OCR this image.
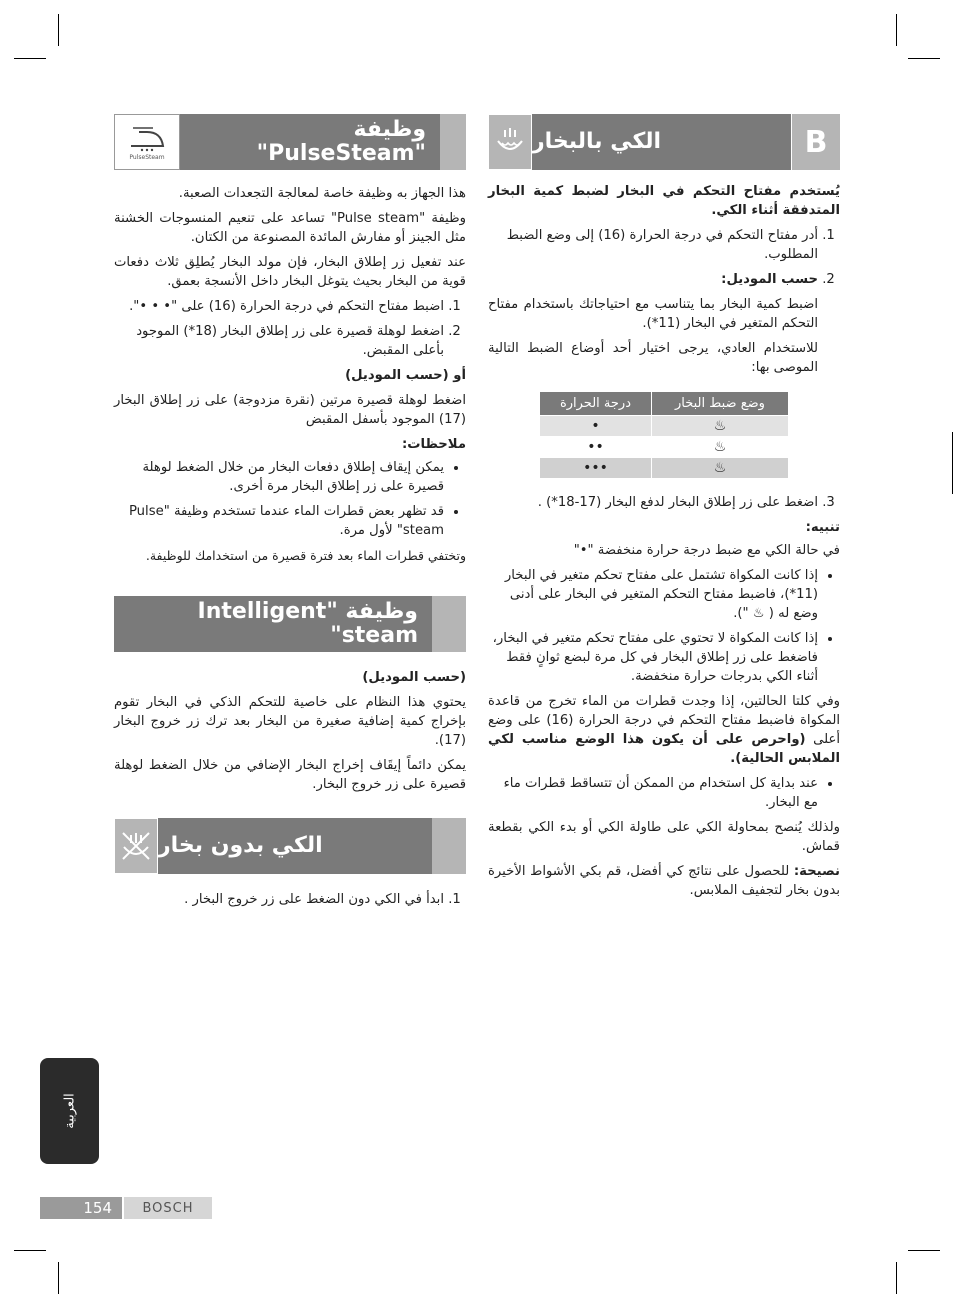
الكي بالبخار	B

يُستخدم مفتاح التحكم في البخار لضبط كمية البخار المتدفقة أثناء الكي.

1. أدر مفتاح التحكم في درجة الحرارة (16) إلى وضع الضبط المطلوب.
2. حسب الموديل:

اضبط كمية البخار بما يتناسب مع احتياجاتك باستخدام مفتاح التحكم المتغير في البخار (11*).

للاستخدام العادي، يرجى اختيار أحد أوضاع الضبط التالية الموصى بها:

وضع ضبط البخار	درجة الحرارة
♨	•
♨	••
♨	•••
3. اضغط على زر إطلاق البخار لدفع البخار (17-18*) .
تنبيه:

في حالة الكي مع ضبط درجة حرارة منخفضة "•"

• إذا كانت المكواة تشتمل على مفتاح تحكم متغير في البخار (11*)، فاضبط مفتاح التحكم المتغير في البخار على أدنى وضع له ( ♨ ").
• إذا كانت المكواة لا تحتوي على مفتاح تحكم متغير في البخار، فاضغط على زر إطلاق البخار في كل مرة لبضع ثوانٍ فقط أثناء الكي بدرجات حرارة منخفضة.

وفي كلتا الحالتين، إذا وجدت قطرات من الماء تخرج من قاعدة المكواة فاضبط مفتاح التحكم في درجة الحرارة (16) على وضع أعلى (واحرص على أن يكون هذا الوضع مناسب لكي الملابس الحالية).

• عند بداية كل استخدام من الممكن أن تتساقط قطرات ماء مع البخار.

ولذلك يُنصح بمحاولة الكي على طاولة الكي أو بدء الكي بقطعة قماش.

نصيحة: للحصول على نتائج كي أفضل، قم بكي الأشواط الأخيرة بدون بخار لتجفيف الملابس.

PulseSteam
وظيفة "PulseSteam"

هذا الجهاز به وظيفة خاصة لمعالجة التجعدات الصعبة.

وظيفة "Pulse steam" تساعد على تنعيم المنسوجات الخشنة مثل الجينز أو مفارش المائدة المصنوعة من الكتان.

عند تفعيل زر إطلاق البخار، فإن مولد البخار يُطلِق ثلاث دفعات قوية من البخار بحيث يتوغل البخار داخل الأنسجة بعمق.

1. اضبط مفتاح التحكم في درجة الحرارة (16) على "• • •".
2. اضغط لوهلة قصيرة على زر إطلاق البخار (18*) الموجود بأعلى المقبض.
أو (حسب الموديل)

اضغط لوهلة قصيرة مرتين (نقرة مزدوجة) على زر إطلاق البخار (17) الموجود بأسفل المقبض

ملاحظات:
• يمكن إيقاف إطلاق دفعات البخار من خلال الضغط لوهلة قصيرة على زر إطلاق البخار مرة أخرى.
• قد تظهر بعض قطرات الماء عندما تستخدم وظيفة "Pulse steam" لأول مرة.

وتختفي قطرات الماء بعد فترة قصيرة من استخدامك للوظيفة.

وظيفة "Intelligent steam"
(حسب الموديل)

يحتوي هذا النظام على خاصية للتحكم الذكي في البخار تقوم بإخراج كمية إضافية صغيرة من البخار بعد ترك زر خروج البخار (17).

يمكن دائماً إيقَاف إخراج البخار الإضافي من خلال الضغط لوهلة قصيرة على زر خروج البخار.

الكي بدون بخار
1. ابدأ في الكي دون الضغط على زر خروج البخار .
العربية
154	BOSCH
